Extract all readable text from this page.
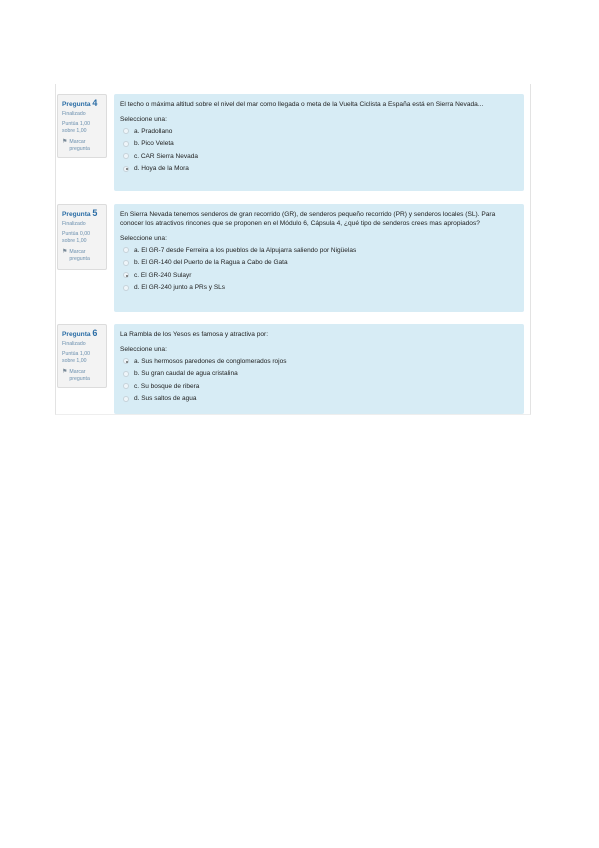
Pregunta 4
Finalizado
Puntúa 1,00 sobre 1,00
⚑ Marcar pregunta
El techo o máxima altitud sobre el nivel del mar como llegada o meta de la Vuelta Ciclista a España está en Sierra Nevada...
Seleccione una:
a. Pradollano
b. Pico Veleta
c. CAR Sierra Nevada
d. Hoya de la Mora
Pregunta 5
Finalizado
Puntúa 0,00 sobre 1,00
⚑ Marcar pregunta
En Sierra Nevada tenemos senderos de gran recorrido (GR), de senderos pequeño recorrido (PR) y senderos locales (SL). Para conocer los atractivos rincones que se proponen en el Módulo 6, Cápsula 4, ¿qué tipo de senderos crees mas apropiados?
Seleccione una:
a. El GR-7 desde Ferreira a los pueblos de la Alpujarra saliendo por Nigüelas
b. El GR-140 del Puerto de la Ragua a Cabo de Gata
c. El GR-240 Sulayr
d. El GR-240 junto a PRs y SLs
Pregunta 6
Finalizado
Puntúa 1,00 sobre 1,00
⚑ Marcar pregunta
La Rambla de los Yesos es famosa y atractiva por:
Seleccione una:
a. Sus hermosos paredones de conglomerados rojos
b. Su gran caudal de agua cristalina
c. Su bosque de ribera
d. Sus saltos de agua
